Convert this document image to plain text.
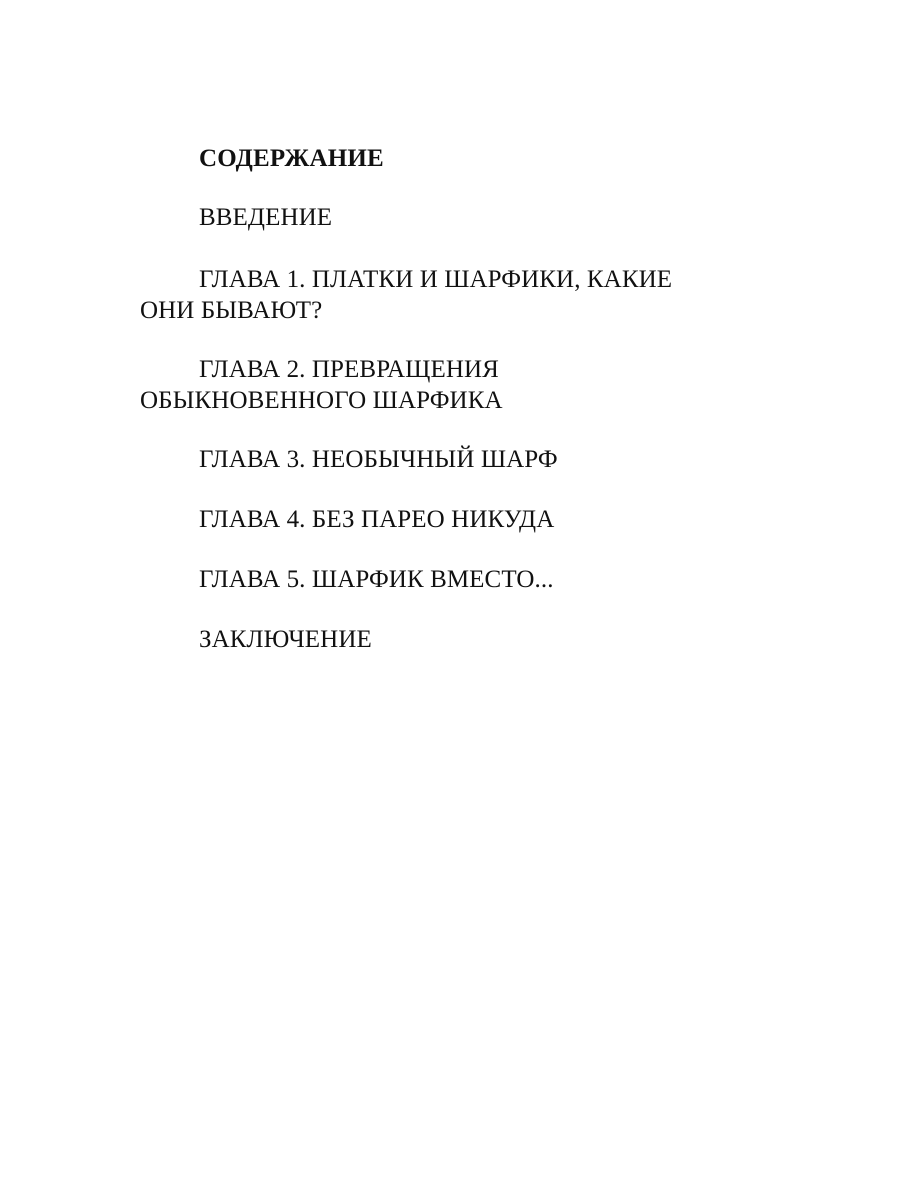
СОДЕРЖАНИЕ
ВВЕДЕНИЕ
ГЛАВА 1. ПЛАТКИ И ШАРФИКИ, КАКИЕ
ОНИ БЫВАЮТ?
ГЛАВА 2. ПРЕВРАЩЕНИЯ
ОБЫКНОВЕННОГО ШАРФИКА
ГЛАВА 3. НЕОБЫЧНЫЙ ШАРФ
ГЛАВА 4. БЕЗ ПАРЕО НИКУДА
ГЛАВА 5. ШАРФИК ВМЕСТО...
ЗАКЛЮЧЕНИЕ
